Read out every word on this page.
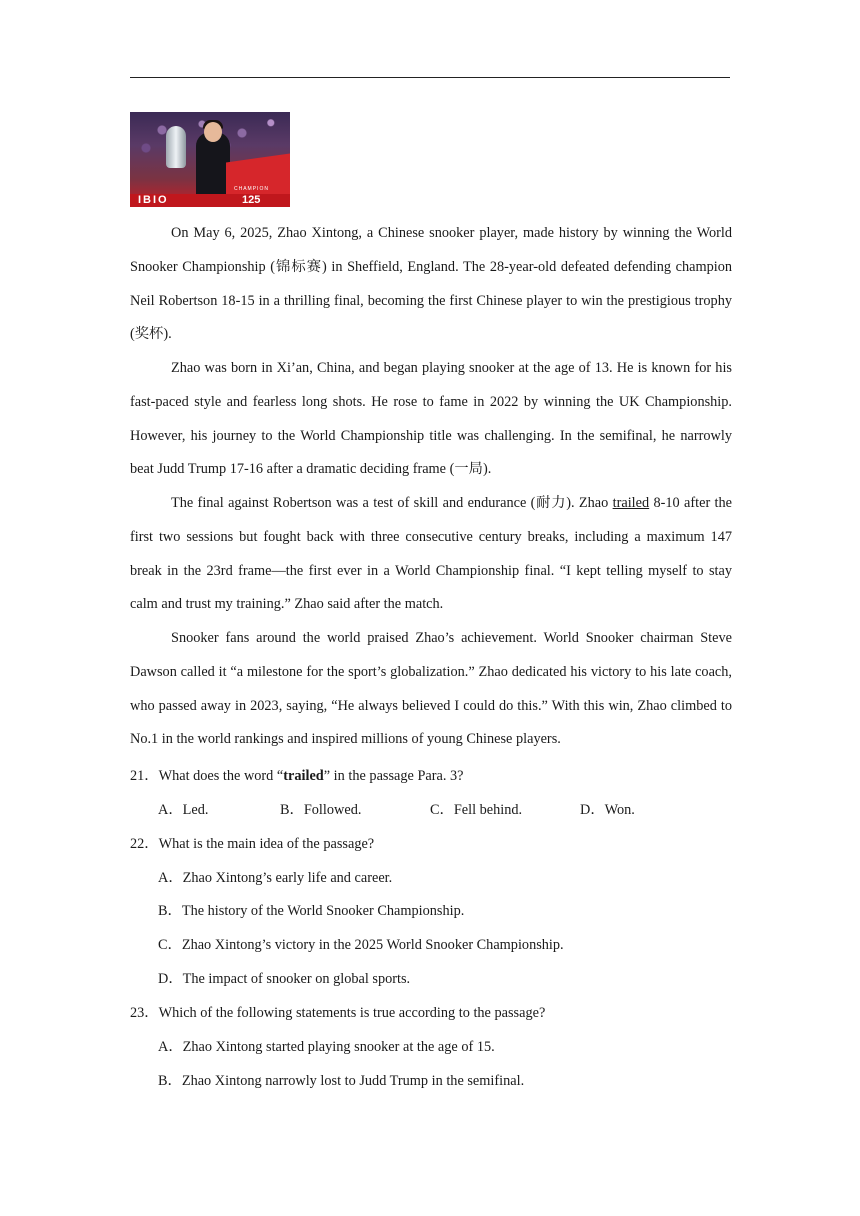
IBIO	125
CHAMPION

On May 6, 2025, Zhao Xintong, a Chinese snooker player, made history by winning the World Snooker Championship (锦标赛) in Sheffield, England. The 28-year-old defeated defending champion Neil Robertson 18-15 in a thrilling final, becoming the first Chinese player to win the prestigious trophy (奖杯).

Zhao was born in Xi’an, China, and began playing snooker at the age of 13. He is known for his fast-paced style and fearless long shots. He rose to fame in 2022 by winning the UK Championship. However, his journey to the World Championship title was challenging. In the semifinal, he narrowly beat Judd Trump 17-16 after a dramatic deciding frame (一局).

The final against Robertson was a test of skill and endurance (耐力). Zhao trailed 8-10 after the first two sessions but fought back with three consecutive century breaks, including a maximum 147 break in the 23rd frame—the first ever in a World Championship final. “I kept telling myself to stay calm and trust my training.” Zhao said after the match.

Snooker fans around the world praised Zhao’s achievement. World Snooker chairman Steve Dawson called it “a milestone for the sport’s globalization.” Zhao dedicated his victory to his late coach, who passed away in 2023, saying, “He always believed I could do this.” With this win, Zhao climbed to No.1 in the world rankings and inspired millions of young Chinese players.

21．What does the word “trailed” in the passage Para. 3?

A．Led.	B．Followed.	C．Fell behind.	D．Won.

22．What is the main idea of the passage?

A．Zhao Xintong’s early life and career.

B．The history of the World Snooker Championship.

C．Zhao Xintong’s victory in the 2025 World Snooker Championship.

D．The impact of snooker on global sports.

23．Which of the following statements is true according to the passage?

A．Zhao Xintong started playing snooker at the age of 15.

B．Zhao Xintong narrowly lost to Judd Trump in the semifinal.
